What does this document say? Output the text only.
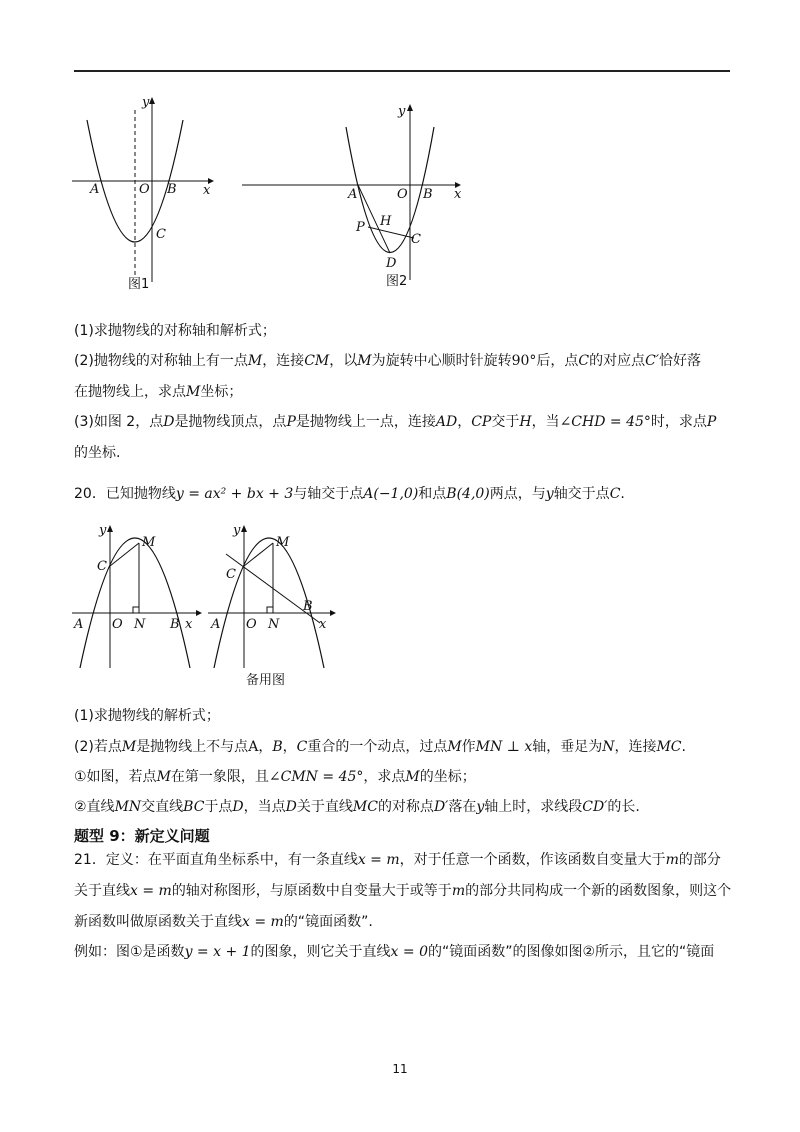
y
x
A	O B
C
图1
y
x
A	O B
P H
C
D
图2
(1)求抛物线的对称轴和解析式；
(2)抛物线的对称轴上有一点M，连接CM，以M为旋转中心顺时针旋转90°后，点C的对应点C′恰好落
在抛物线上，求点M坐标；
(3)如图 2，点D是抛物线顶点，点P是抛物线上一点，连接AD，CP交于H，当∠CHD = 45°时，求点P
的坐标.
20．已知抛物线y = ax² + bx + 3与轴交于点A(−1,0)和点B(4,0)两点，与y轴交于点C.
y
M
C
A O N B x
y
M
C
A O N
B
x
备用图
(1)求抛物线的解析式；
(2)若点M是抛物线上不与点A，B，C重合的一个动点，过点M作MN ⊥ x轴，垂足为N，连接MC.
①如图，若点M在第一象限，且∠CMN = 45°，求点M的坐标；
②直线MN交直线BC于点D，当点D关于直线MC的对称点D′落在y轴上时，求线段CD′的长.
题型 9：新定义问题
21．定义：在平面直角坐标系中，有一条直线x = m，对于任意一个函数，作该函数自变量大于m的部分
关于直线x = m的轴对称图形，与原函数中自变量大于或等于m的部分共同构成一个新的函数图象，则这个
新函数叫做原函数关于直线x = m的“镜面函数”.
例如：图①是函数y = x + 1的图象，则它关于直线x = 0的“镜面函数”的图像如图②所示，且它的“镜面
11
